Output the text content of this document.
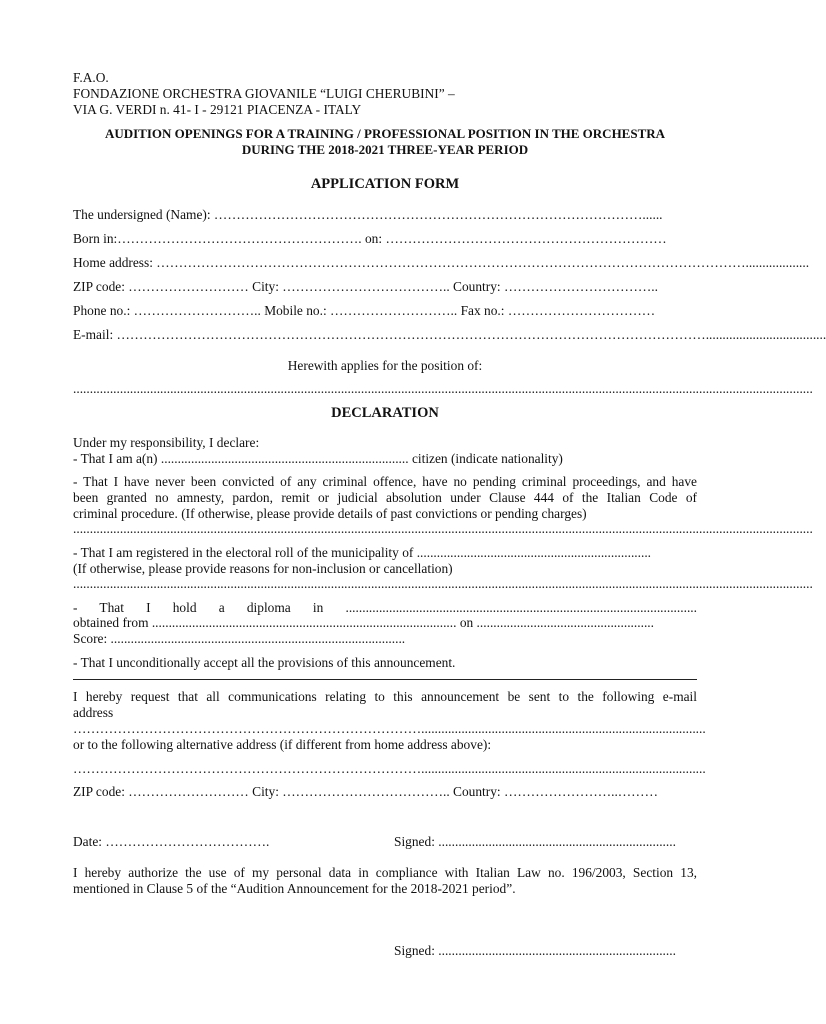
F.A.O.
FONDAZIONE ORCHESTRA GIOVANILE “LUIGI CHERUBINI” –
VIA G. VERDI n. 41- I - 29121 PIACENZA - ITALY
AUDITION OPENINGS FOR A TRAINING / PROFESSIONAL POSITION IN THE ORCHESTRA
DURING THE 2018-2021 THREE-YEAR PERIOD
APPLICATION FORM
The undersigned (Name): ……………………………………………………………………………………......
Born in:………………………………………………. on: ………………………………………………………
Home address: ……………………………………………………………………………………………………………………...................
ZIP code: ……………………… City: ……………………………….. Country: ……………………………..
Phone no.: ……………………….. Mobile no.: ……………………….. Fax no.: ……………………………
E-mail: ……………………………………………………………………………………………………………………....................................
Herewith applies for the position of:
.............................................................................................................................................................................................................................
DECLARATION
Under my responsibility, I declare:
- That I am a(n) .......................................................................... citizen (indicate nationality)
- That I have never been convicted of any criminal offence, have no pending criminal proceedings, and have
been granted no amnesty, pardon, remit or judicial absolution under Clause 444 of the Italian Code of
criminal procedure. (If otherwise, please provide details of past convictions or pending charges)
.............................................................................................................................................................................................................................
- That I am registered in the electoral roll of the municipality of ......................................................................
(If otherwise, please provide reasons for non-inclusion or cancellation)
.............................................................................................................................................................................................................................
- That I hold a diploma in .........................................................................................................
obtained from ........................................................................................... on .....................................................
Score: ........................................................................................
- That I unconditionally accept all the provisions of this announcement.
I hereby request that all communications relating to this announcement be sent to the following e-mail
address
…………………………………………………………………….....................................................................................
or to the following alternative address (if different from home address above):
…………………………………………………………………….....................................................................................
ZIP code: ……………………… City: ……………………………….. Country: ……………………..………
Date: ……………………………….	Signed: .......................................................................
I hereby authorize the use of my personal data in compliance with Italian Law no. 196/2003, Section 13,
mentioned in Clause 5 of the “Audition Announcement for the 2018-2021 period”.
Signed: .......................................................................
